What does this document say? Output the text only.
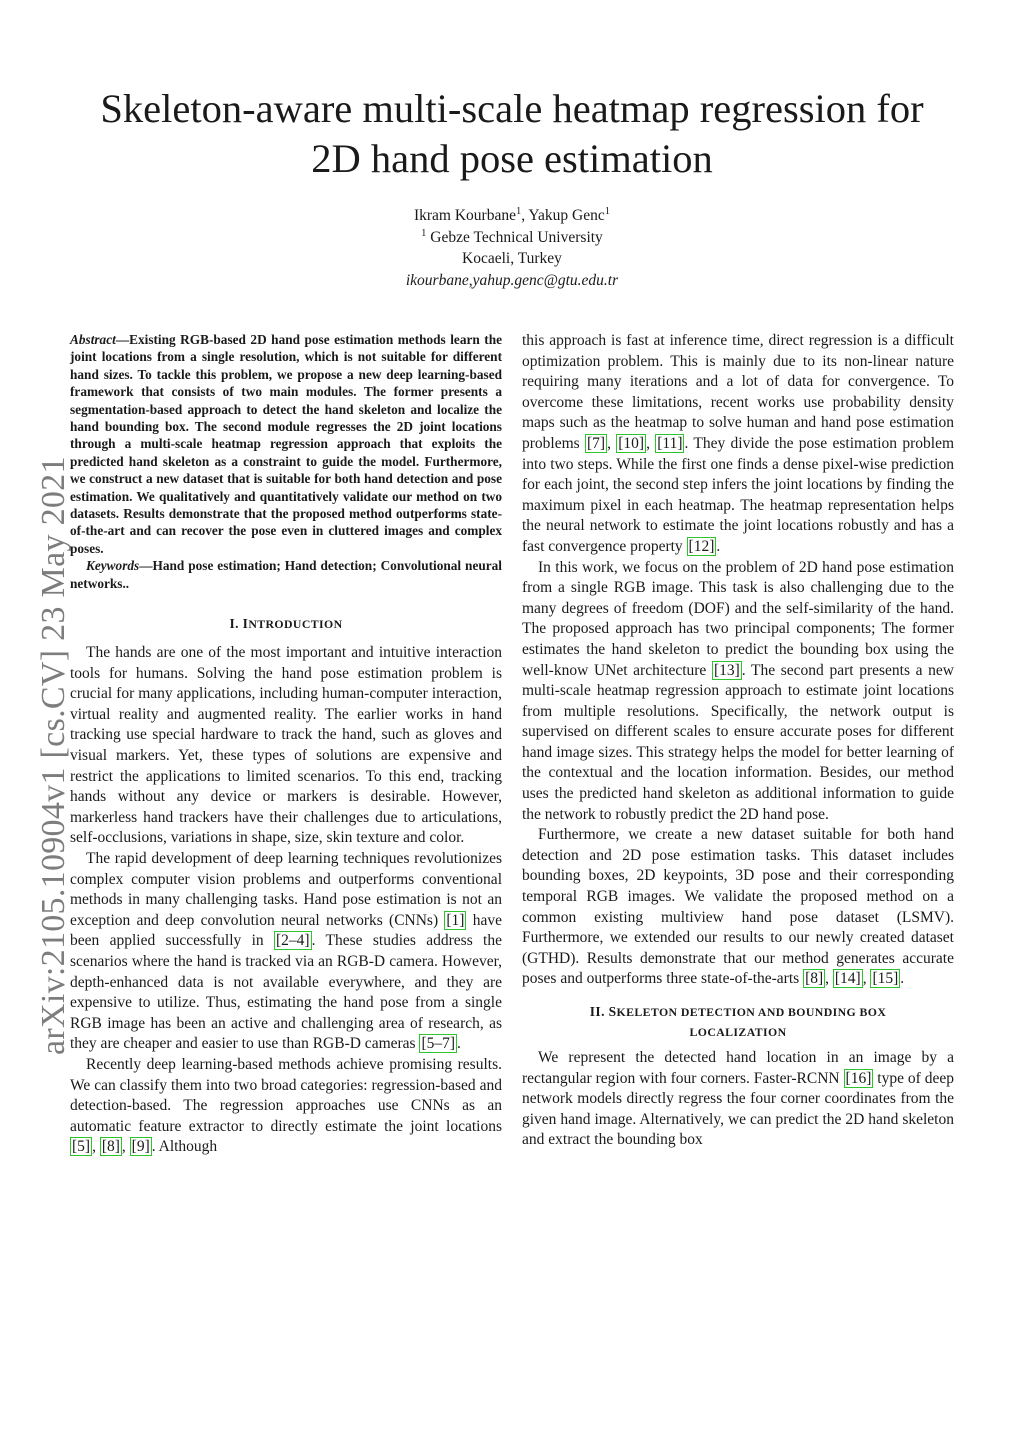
Skeleton-aware multi-scale heatmap regression for
2D hand pose estimation
Ikram Kourbane$^1$, Yakup Genc$^1$
$^1$ Gebze Technical University
Kocaeli, Turkey
ikourbane,yahup.genc@gtu.edu.tr
arXiv:2105.10904v1 [cs.CV] 23 May 2021

Abstract—Existing RGB-based 2D hand pose estimation methods learn the joint locations from a single resolution, which is not suitable for different hand sizes. To tackle this problem, we propose a new deep learning-based framework that consists of two main modules. The former presents a segmentation-based approach to detect the hand skeleton and localize the hand bounding box. The second module regresses the 2D joint locations through a multi-scale heatmap regression approach that exploits the predicted hand skeleton as a constraint to guide the model. Furthermore, we construct a new dataset that is suitable for both hand detection and pose estimation. We qualitatively and quantitatively validate our method on two datasets. Results demonstrate that the proposed method outperforms state-of-the-art and can recover the pose even in cluttered images and complex poses.

Keywords—Hand pose estimation; Hand detection; Convolutional neural networks..

I. INTRODUCTION

The hands are one of the most important and intuitive interaction tools for humans. Solving the hand pose estimation problem is crucial for many applications, including human-computer interaction, virtual reality and augmented reality. The earlier works in hand tracking use special hardware to track the hand, such as gloves and visual markers. Yet, these types of solutions are expensive and restrict the applications to limited scenarios. To this end, tracking hands without any device or markers is desirable. However, markerless hand trackers have their challenges due to articulations, self-occlusions, variations in shape, size, skin texture and color.

The rapid development of deep learning techniques revolutionizes complex computer vision problems and outperforms conventional methods in many challenging tasks. Hand pose estimation is not an exception and deep convolution neural networks (CNNs) [1] have been applied successfully in [2–4] . These studies address the scenarios where the hand is tracked via an RGB-D camera. However, depth-enhanced data is not available everywhere, and they are expensive to utilize. Thus, estimating the hand pose from a single RGB image has been an active and challenging area of research, as they are cheaper and easier to use than RGB-D cameras [5–7] .

Recently deep learning-based methods achieve promising results. We can classify them into two broad categories: regression-based and detection-based. The regression approaches use CNNs as an automatic feature extractor to directly estimate the joint locations [5] , [8] , [9] . Although

this approach is fast at inference time, direct regression is a difficult optimization problem. This is mainly due to its non-linear nature requiring many iterations and a lot of data for convergence. To overcome these limitations, recent works use probability density maps such as the heatmap to solve human and hand pose estimation problems [7] , [10] , [11] . They divide the pose estimation problem into two steps. While the first one finds a dense pixel-wise prediction for each joint, the second step infers the joint locations by finding the maximum pixel in each heatmap. The heatmap representation helps the neural network to estimate the joint locations robustly and has a fast convergence property [12] .

In this work, we focus on the problem of 2D hand pose estimation from a single RGB image. This task is also challenging due to the many degrees of freedom (DOF) and the self-similarity of the hand. The proposed approach has two principal components; The former estimates the hand skeleton to predict the bounding box using the well-know UNet architecture [13] . The second part presents a new multi-scale heatmap regression approach to estimate joint locations from multiple resolutions. Specifically, the network output is supervised on different scales to ensure accurate poses for different hand image sizes. This strategy helps the model for better learning of the contextual and the location information. Besides, our method uses the predicted hand skeleton as additional information to guide the network to robustly predict the 2D hand pose.

Furthermore, we create a new dataset suitable for both hand detection and 2D pose estimation tasks. This dataset includes bounding boxes, 2D keypoints, 3D pose and their corresponding temporal RGB images. We validate the proposed method on a common existing multiview hand pose dataset (LSMV). Furthermore, we extended our results to our newly created dataset (GTHD). Results demonstrate that our method generates accurate poses and outperforms three state-of-the-arts [8] , [14] , [15] .

II. SKELETON DETECTION AND BOUNDING BOX
LOCALIZATION

We represent the detected hand location in an image by a rectangular region with four corners. Faster-RCNN [16] type of deep network models directly regress the four corner coordinates from the given hand image. Alternatively, we can predict the 2D hand skeleton and extract the bounding box
